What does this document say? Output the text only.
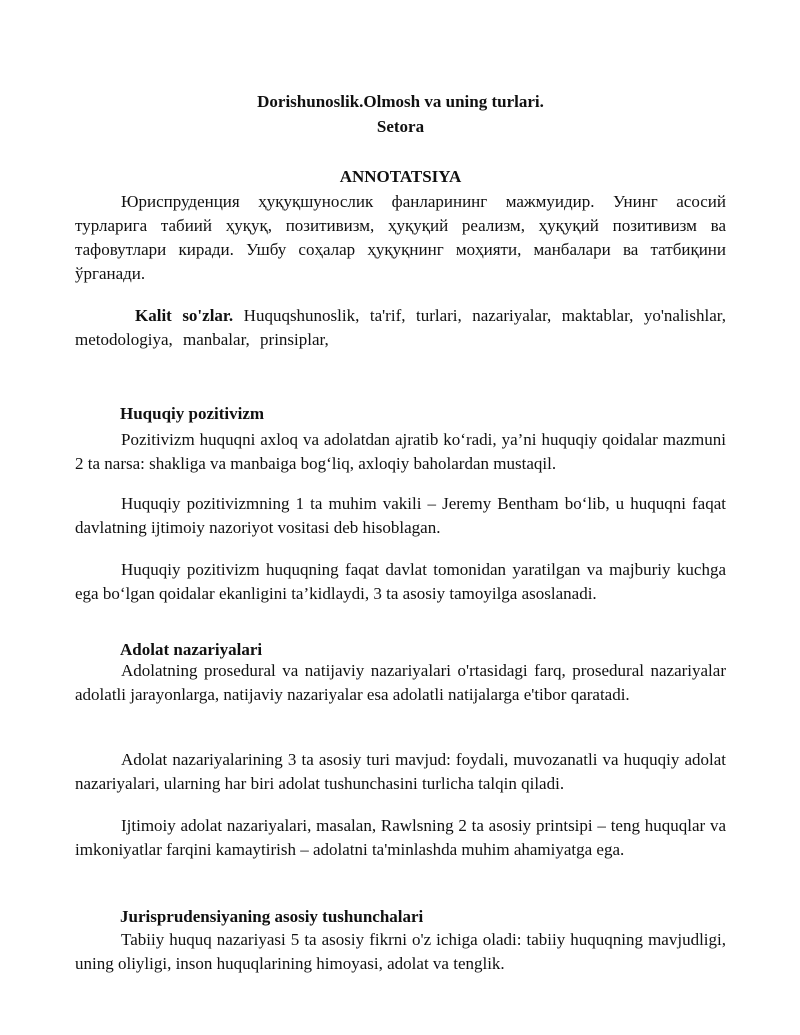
Dorishunoslik.Olmosh va uning turlari.
Setora
ANNOTATSIYA

Юриспруденция ҳуқуқшунослик фанларининг мажмуидир. Унинг асосий турларига табиий ҳуқуқ, позитивизм, ҳуқуқий реализм, ҳуқуқий позитивизм ва тафовутлари киради. Ушбу соҳалар ҳуқуқнинг моҳияти, манбалари ва татбиқини ўрганади.

Kalit so'zlar. Huquqshunoslik, ta'rif, turlari, nazariyalar, maktablar, yo'nalishlar, metodologiya, manbalar, prinsiplar,

Huquqiy pozitivizm

Pozitivizm huquqni axloq va adolatdan ajratib ko‘radi, ya’ni huquqiy qoidalar mazmuni 2 ta narsa: shakliga va manbaiga bog‘liq, axloqiy baholardan mustaqil.

Huquqiy pozitivizmning 1 ta muhim vakili – Jeremy Bentham bo‘lib, u huquqni faqat davlatning ijtimoiy nazoriyot vositasi deb hisoblagan.

Huquqiy pozitivizm huquqning faqat davlat tomonidan yaratilgan va majburiy kuchga ega bo‘lgan qoidalar ekanligini ta’kidlaydi, 3 ta asosiy tamoyilga asoslanadi.

Adolat nazariyalari

Adolatning prosedural va natijaviy nazariyalari o'rtasidagi farq, prosedural nazariyalar adolatli jarayonlarga, natijaviy nazariyalar esa adolatli natijalarga e'tibor qaratadi.

Adolat nazariyalarining 3 ta asosiy turi mavjud: foydali, muvozanatli va huquqiy adolat nazariyalari, ularning har biri adolat tushunchasini turlicha talqin qiladi.

Ijtimoiy adolat nazariyalari, masalan, Rawlsning 2 ta asosiy printsipi – teng huquqlar va imkoniyatlar farqini kamaytirish – adolatni ta'minlashda muhim ahamiyatga ega.

Jurisprudensiyaning asosiy tushunchalari

Tabiiy huquq nazariyasi 5 ta asosiy fikrni o'z ichiga oladi: tabiiy huquqning mavjudligi, uning oliyligi, inson huquqlarining himoyasi, adolat va tenglik.
